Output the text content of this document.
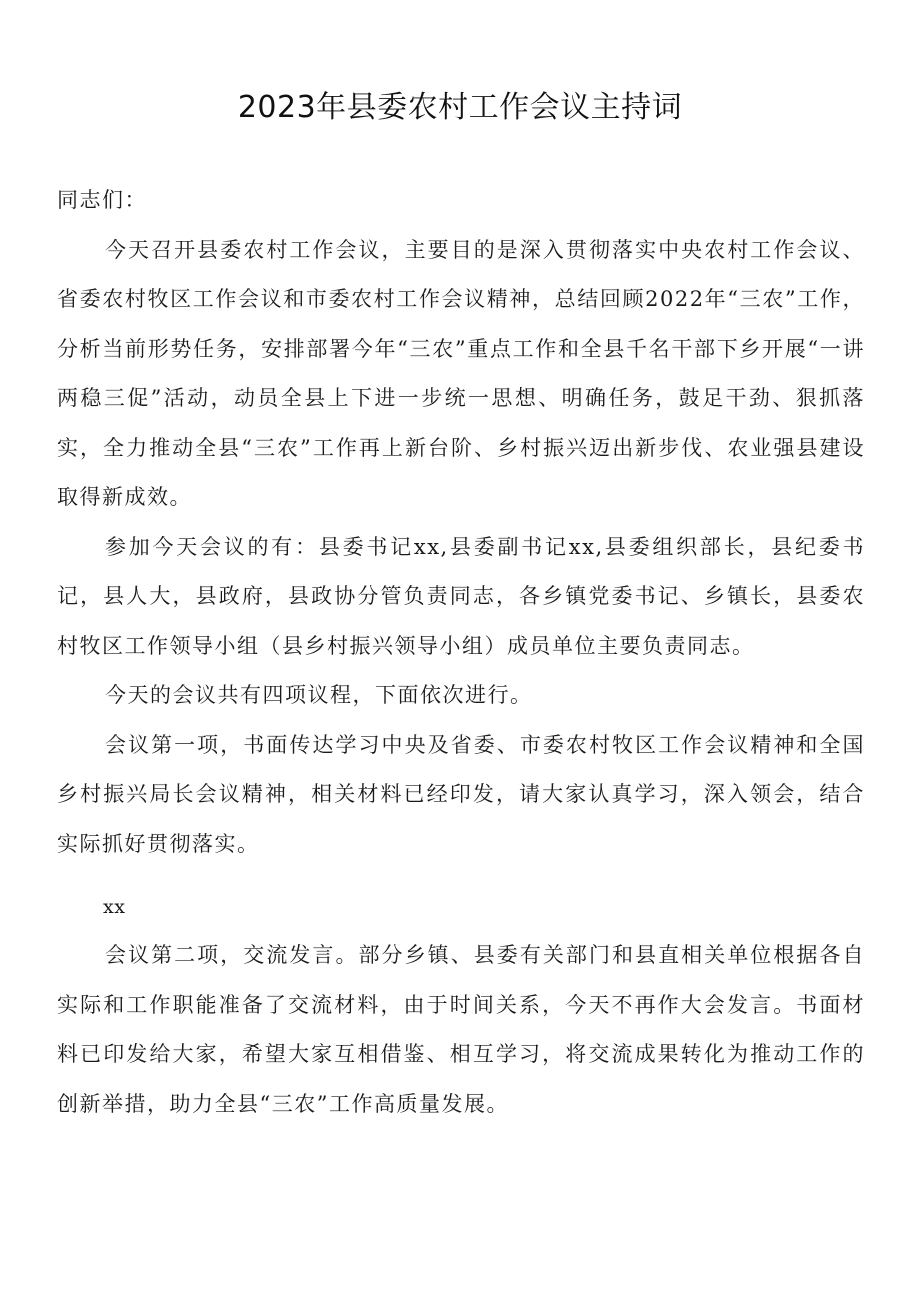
2023年县委农村工作会议主持词

同志们：

今天召开县委农村工作会议，主要目的是深入贯彻落实中央农村工作会议、省委农村牧区工作会议和市委农村工作会议精神，总结回顾2022年“三农”工作，分析当前形势任务，安排部署今年“三农”重点工作和全县千名干部下乡开展“一讲两稳三促”活动，动员全县上下进一步统一思想、明确任务，鼓足干劲、狠抓落实，全力推动全县“三农”工作再上新台阶、乡村振兴迈出新步伐、农业强县建设取得新成效。

参加今天会议的有：县委书记xx,县委副书记xx,县委组织部长，县纪委书记，县人大，县政府，县政协分管负责同志，各乡镇党委书记、乡镇长，县委农村牧区工作领导小组（县乡村振兴领导小组）成员单位主要负责同志。

今天的会议共有四项议程，下面依次进行。

会议第一项，书面传达学习中央及省委、市委农村牧区工作会议精神和全国乡村振兴局长会议精神，相关材料已经印发，请大家认真学习，深入领会，结合实际抓好贯彻落实。

xx

会议第二项，交流发言。部分乡镇、县委有关部门和县直相关单位根据各自实际和工作职能准备了交流材料，由于时间关系，今天不再作大会发言。书面材料已印发给大家，希望大家互相借鉴、相互学习，将交流成果转化为推动工作的创新举措，助力全县“三农”工作高质量发展。
